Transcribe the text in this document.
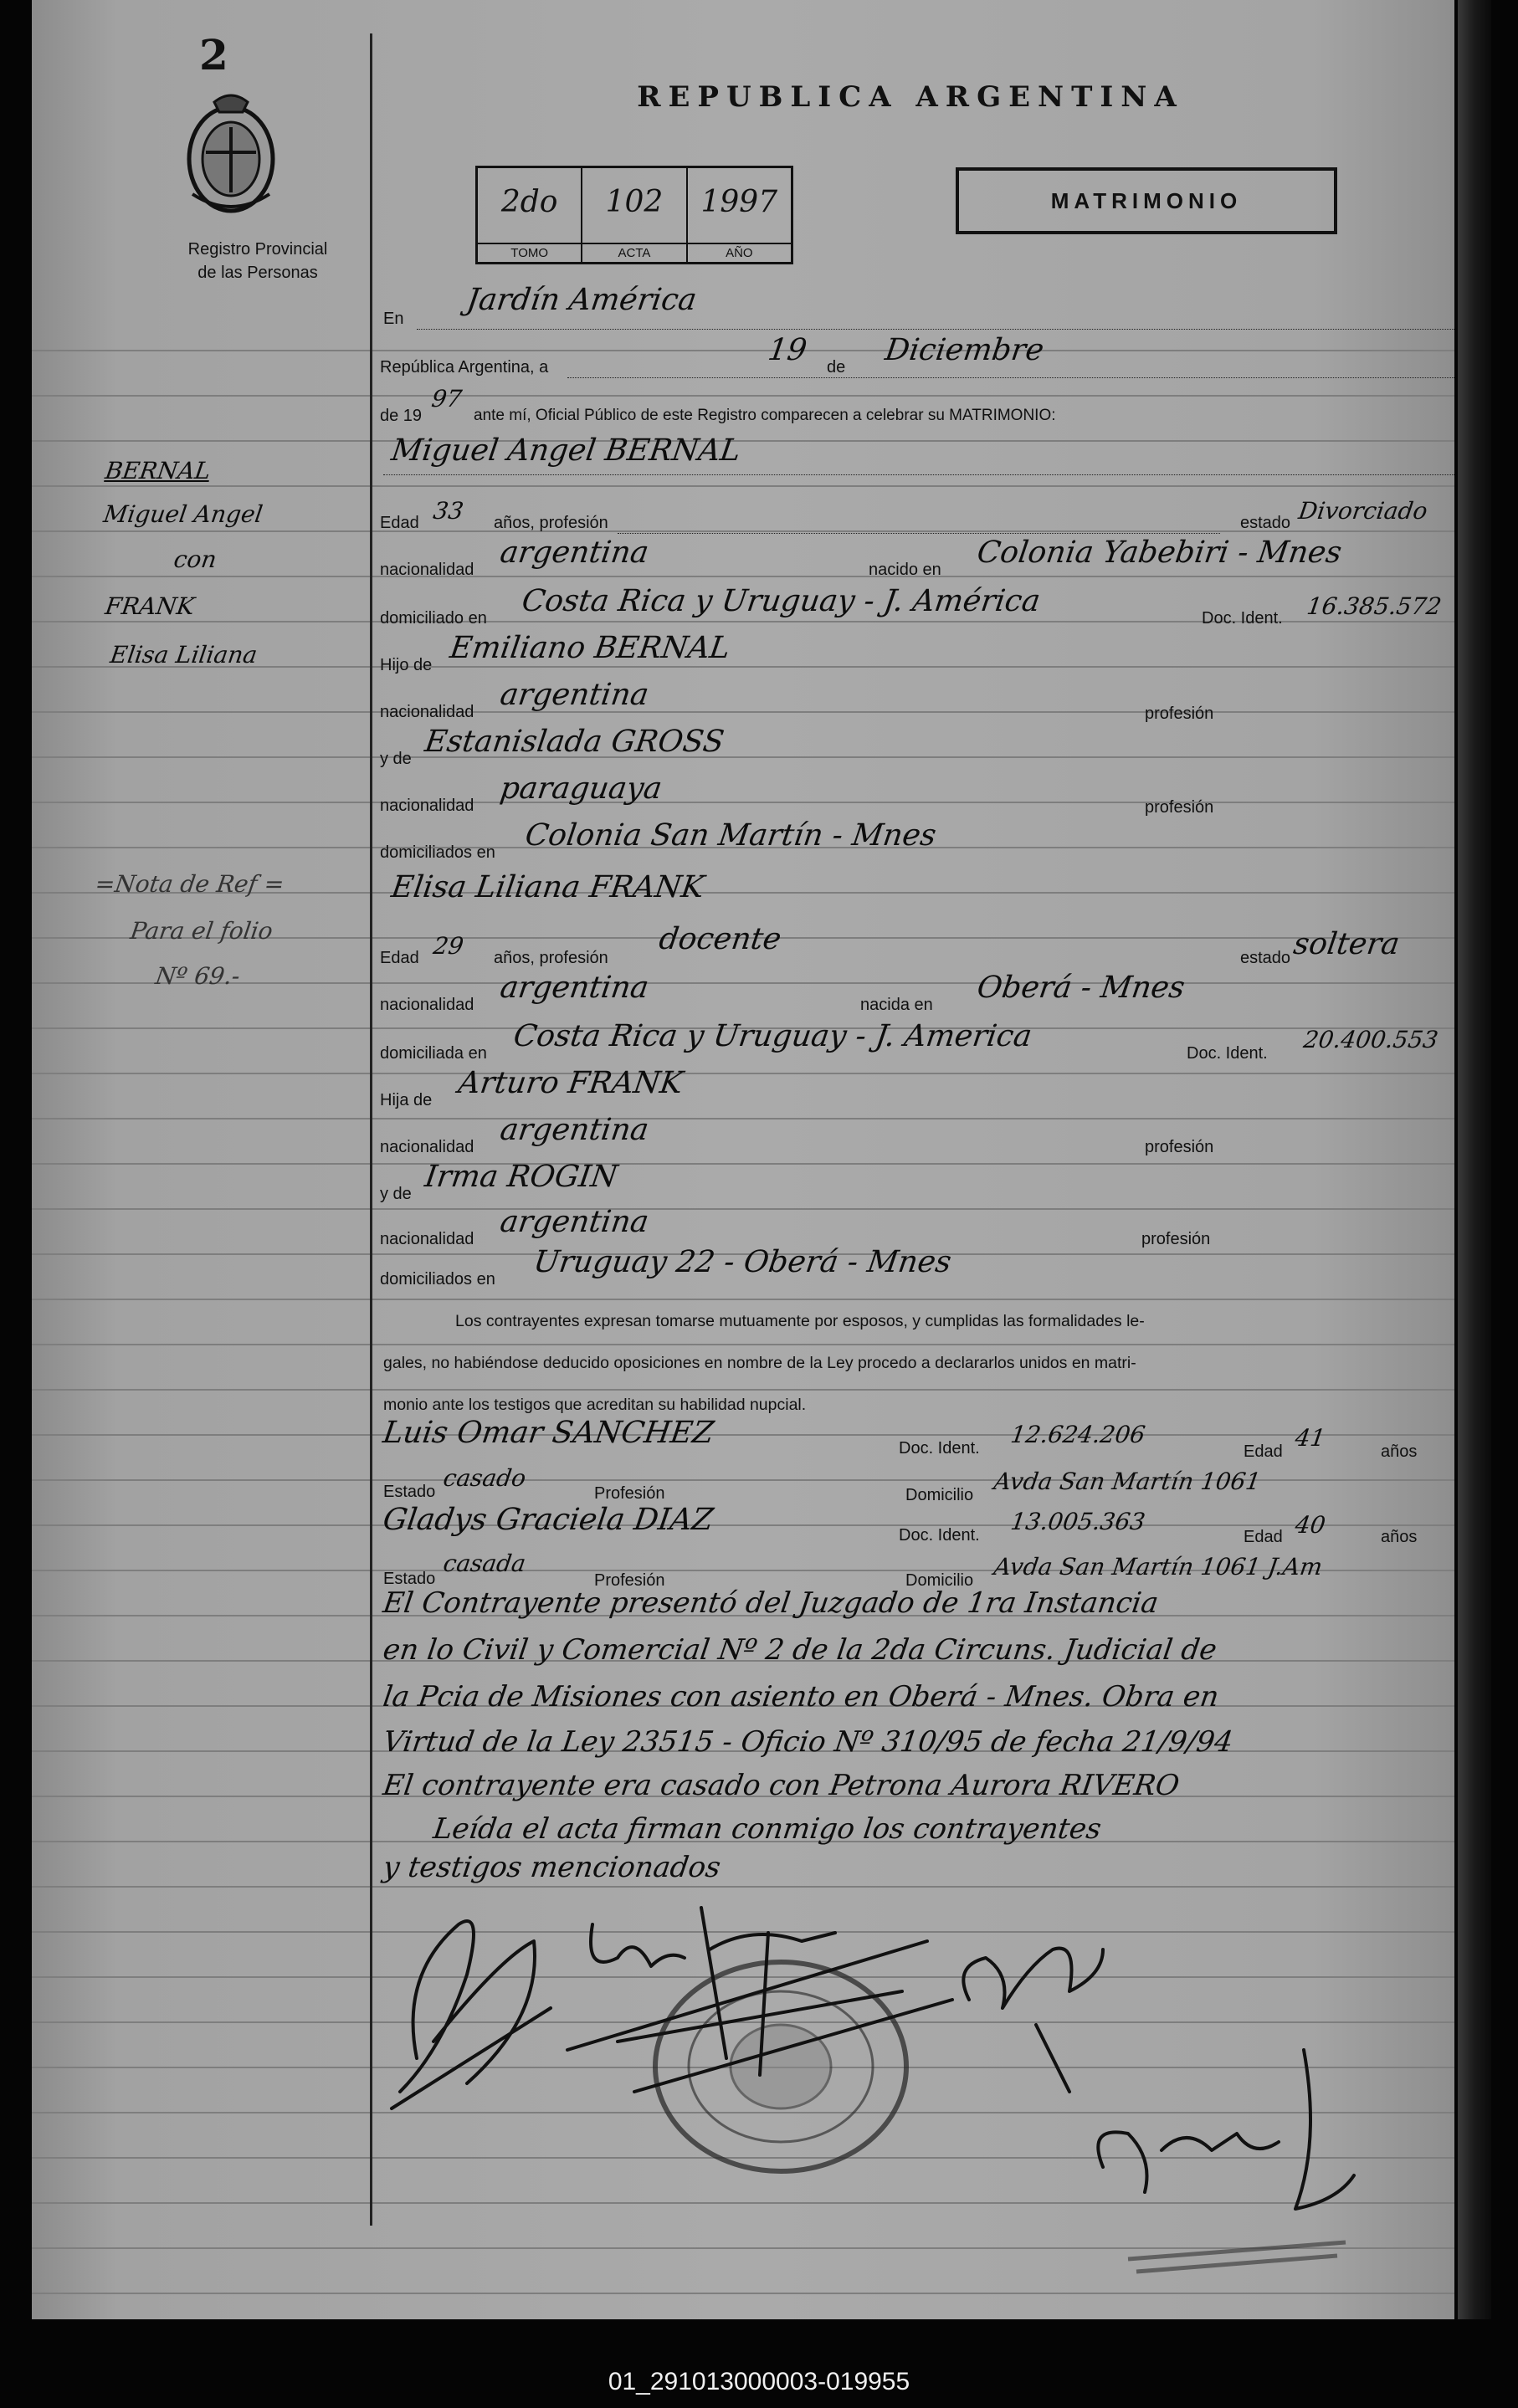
2
Registro Provincial
de las Personas
REPUBLICA ARGENTINA
MATRIMONIO
2do
TOMO
102
ACTA
1997
AÑO
BERNAL
Miguel Angel
con
FRANK
Elisa Liliana
=Nota de Ref =
Para el folio
Nº 69.-
En
Jardín América
República Argentina, a	19 de Diciembre
de 19
97
ante mí, Oficial Público de este Registro comparecen a celebrar su MATRIMONIO:
Miguel Angel BERNAL
Edad 33 años, profesión	estado Divorciado
nacionalidad argentina	nacido en Colonia Yabebiri - Mnes
domiciliado en Costa Rica y Uruguay - J. América	Doc. Ident. 16.385.572
Hijo de Emiliano BERNAL
nacionalidad argentina
profesión
y de Estanislada GROSS
nacionalidad paraguaya
profesión
domiciliados en Colonia San Martín - Mnes
Elisa Liliana FRANK
Edad 29 años, profesión
docente
estado soltera
nacionalidad argentina	nacida en Oberá - Mnes
domiciliada en Costa Rica y Uruguay - J. America	Doc. Ident. 20.400.553
Hija de Arturo FRANK
nacionalidad argentina	profesión
y de Irma ROGIN
nacionalidad argentina	profesión
domiciliados en Uruguay 22 - Oberá - Mnes
Los contrayentes expresan tomarse mutuamente por esposos, y cumplidas las formalidades le-
gales, no habiéndose deducido oposiciones en nombre de la Ley procedo a declararlos unidos en matri-
monio ante los testigos que acreditan su habilidad nupcial.
Luis Omar SANCHEZ	Doc. Ident. 12.624.206
Edad 41	años
Estado casado
Profesión	Domicilio Avda San Martín 1061
Gladys Graciela DIAZ	Doc. Ident. 13.005.363
Edad 40	años
Estado
casada
Profesión	Domicilio Avda San Martín 1061 J.Am
El Contrayente presentó del Juzgado de 1ra Instancia
en lo Civil y Comercial Nº 2 de la 2da Circuns. Judicial de
la Pcia de Misiones con asiento en Oberá - Mnes. Obra en
Virtud de la Ley 23515 - Oficio Nº 310/95 de fecha 21/9/94
El contrayente era casado con Petrona Aurora RIVERO
Leída el acta firman conmigo los contrayentes
y testigos mencionados
01_291013000003-019955
